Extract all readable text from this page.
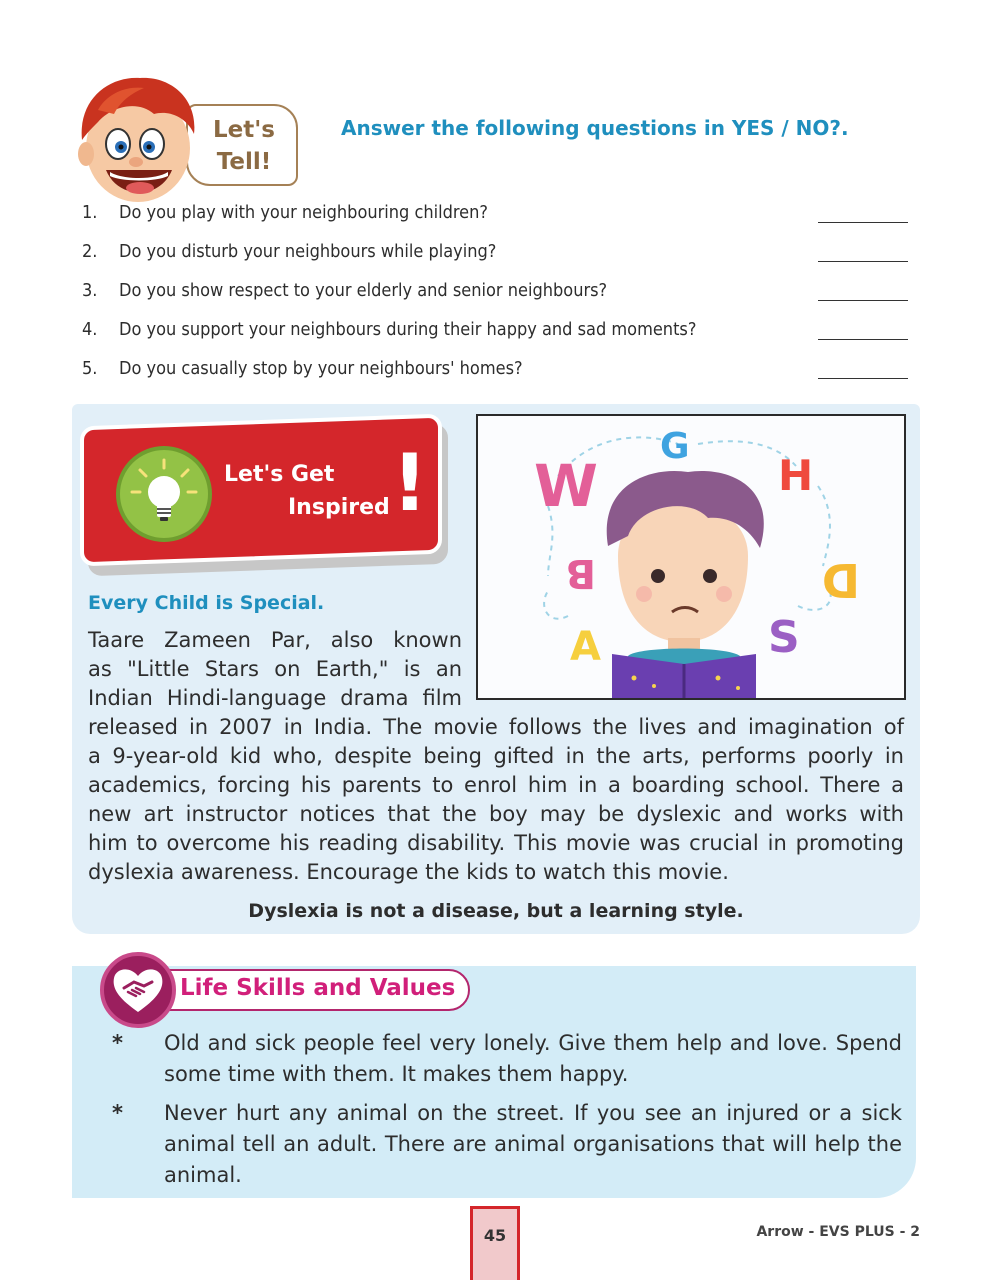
Let's
Tell!
Answer the following questions in YES / NO?.
1. Do you play with your neighbouring children?
2. Do you disturb your neighbours while playing?
3. Do you show respect to your elderly and senior neighbours?
4. Do you support your neighbours during their happy and sad moments?
5. Do you casually stop by your neighbours' homes?
Let's Get
Inspired ! W
G
H
B	D
A	S
Every Child is Special.
Taare Zameen Par, also known
as "Little Stars on Earth," is an
Indian Hindi-language drama film
released in 2007 in India. The movie follows the lives and imagination of
a 9-year-old kid who, despite being gifted in the arts, performs poorly in
academics, forcing his parents to enrol him in a boarding school. There a
new art instructor notices that the boy may be dyslexic and works with
him to overcome his reading disability. This movie was crucial in promoting
dyslexia awareness. Encourage the kids to watch this movie.
Dyslexia is not a disease, but a learning style.
Life Skills and Values
* Old and sick people feel very lonely. Give them help and love. Spend some time with them. It makes them happy.
* Never hurt any animal on the street. If you see an injured or a sick animal tell an adult. There are animal organisations that will help the animal.
45	Arrow - EVS PLUS - 2
